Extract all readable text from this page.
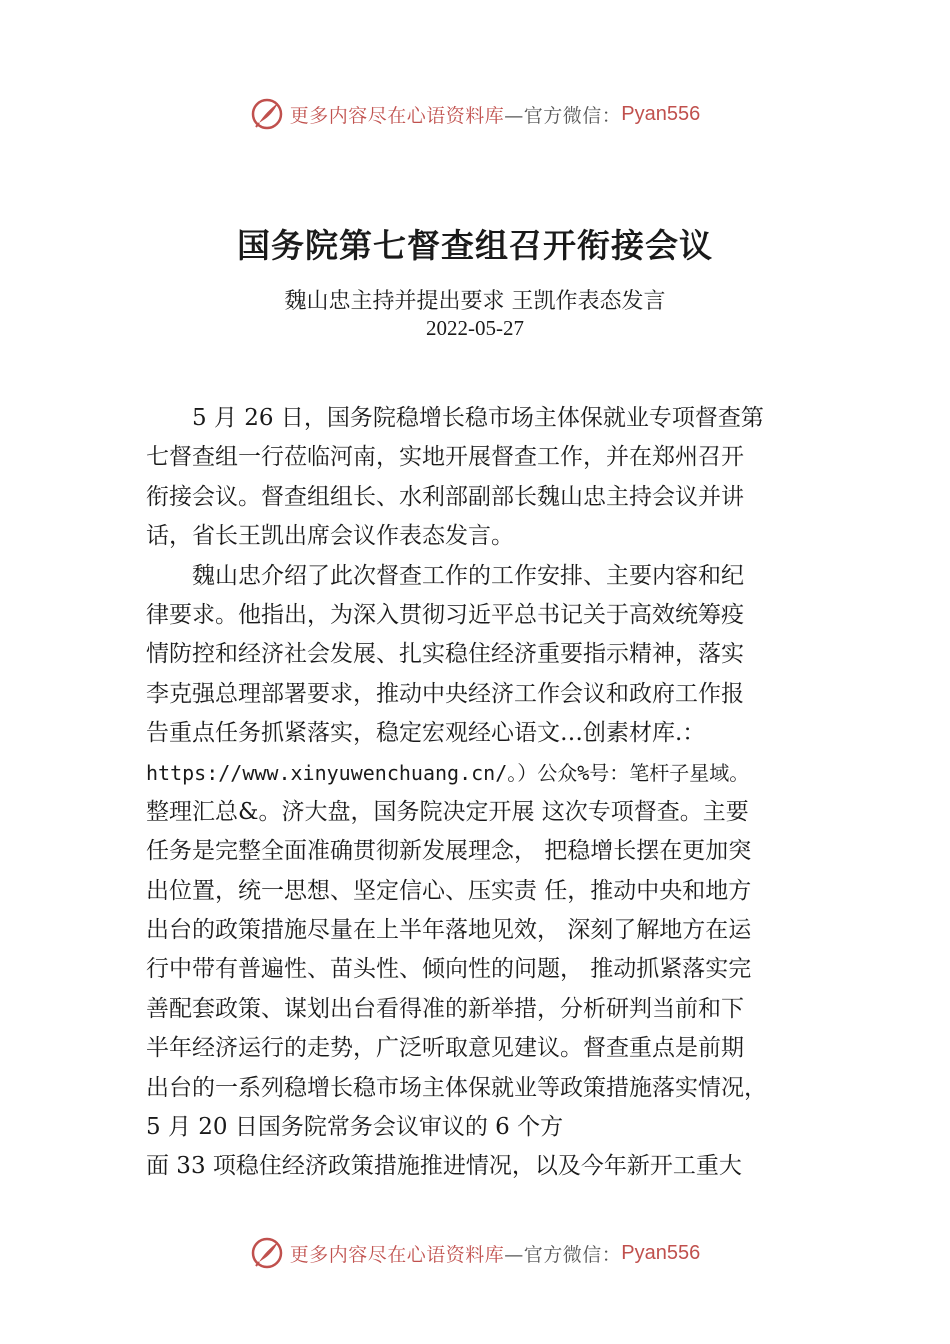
更多内容尽在心语资料库 —官方微信： Pyan556
国务院第七督查组召开衔接会议

魏山忠主持并提出要求 王凯作表态发言

2022-05-27

　　5 月 26 日，国务院稳增长稳市场主体保就业专项督查第
七督查组一行莅临河南，实地开展督查工作，并在郑州召开
衔接会议。督查组组长、水利部副部长魏山忠主持会议并讲
话，省长王凯出席会议作表态发言。
　　魏山忠介绍了此次督查工作的工作安排、主要内容和纪
律要求。他指出，为深入贯彻习近平总书记关于高效统筹疫
情防控和经济社会发展、扎实稳住经济重要指示精神，落实
李克强总理部署要求，推动中央经济工作会议和政府工作报
告重点任务抓紧落实，稳定宏观经心语文…创素材库.：
https://www.xinyuwenchuang.cn/。）公众%号：笔杆子星域。
整理汇总&。济大盘，国务院决定开展 这次专项督查。主要
任务是完整全面准确贯彻新发展理念， 把稳增长摆在更加突
出位置，统一思想、坚定信心、压实责 任，推动中央和地方
出台的政策措施尽量在上半年落地见效， 深刻了解地方在运
行中带有普遍性、苗头性、倾向性的问题， 推动抓紧落实完
善配套政策、谋划出台看得准的新举措，分析研判当前和下
半年经济运行的走势，广泛听取意见建议。督查重点是前期
出台的一系列稳增长稳市场主体保就业等政策措施落实情况，
5 月 20 日国务院常务会议审议的 6 个方
面 33 项稳住经济政策措施推进情况，以及今年新开工重大
更多内容尽在心语资料库 —官方微信： Pyan556
